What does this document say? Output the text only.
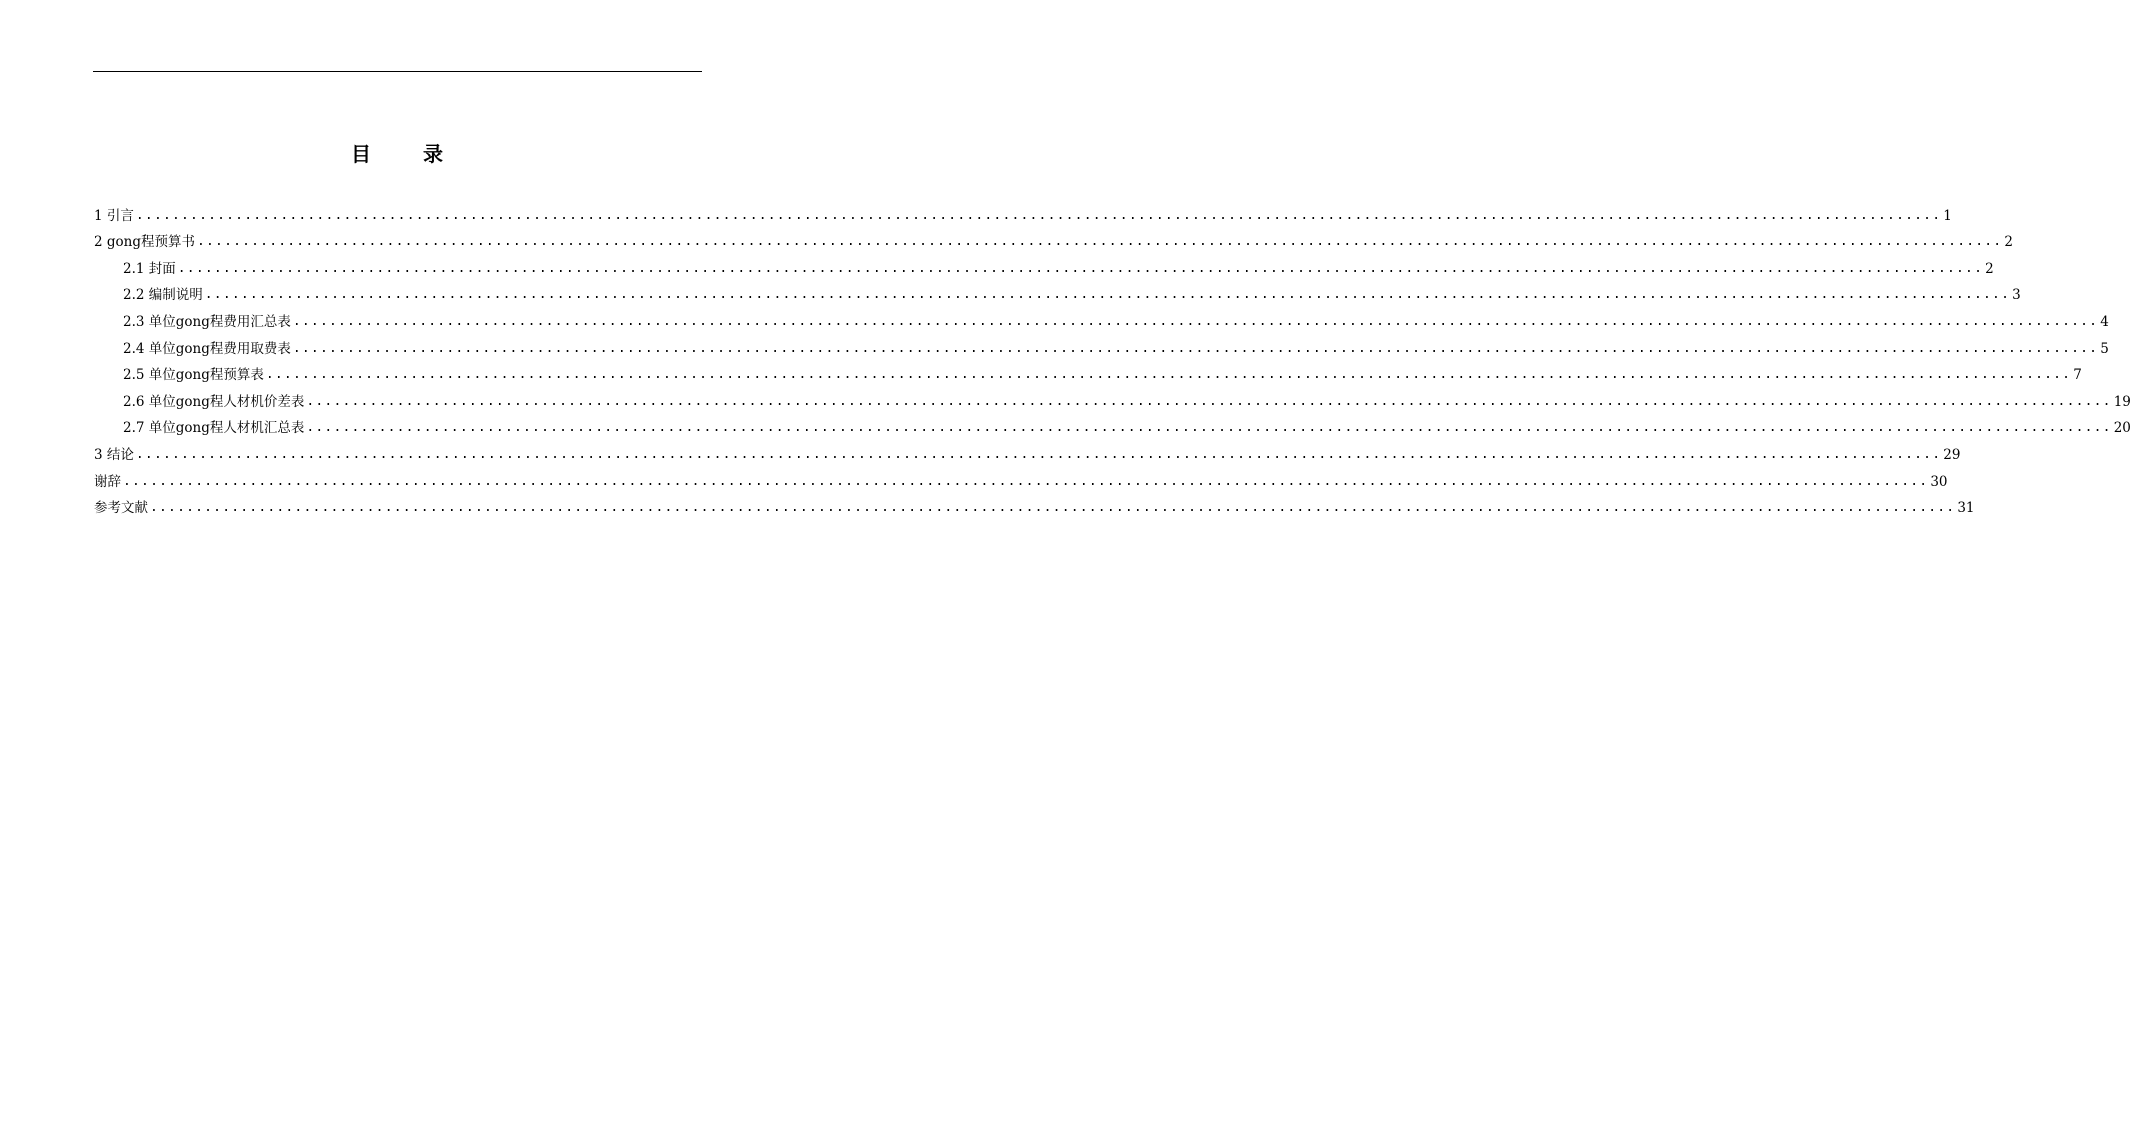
目录
1 引言 ........................................................................................................................................................................................................ 1
2 gong程预算书 ........................................................................................................................................................................................................ 2
2.1 封面 ........................................................................................................................................................................................................ 2
2.2 编制说明 ........................................................................................................................................................................................................ 3
2.3 单位gong程费用汇总表 ........................................................................................................................................................................................................ 4
2.4 单位gong程费用取费表 ........................................................................................................................................................................................................ 5
2.5 单位gong程预算表 ........................................................................................................................................................................................................ 7
2.6 单位gong程人材机价差表 ........................................................................................................................................................................................................ 19
2.7 单位gong程人材机汇总表 ........................................................................................................................................................................................................ 20
3 结论 ........................................................................................................................................................................................................ 29
谢辞 ........................................................................................................................................................................................................ 30
参考文献 ........................................................................................................................................................................................................ 31
